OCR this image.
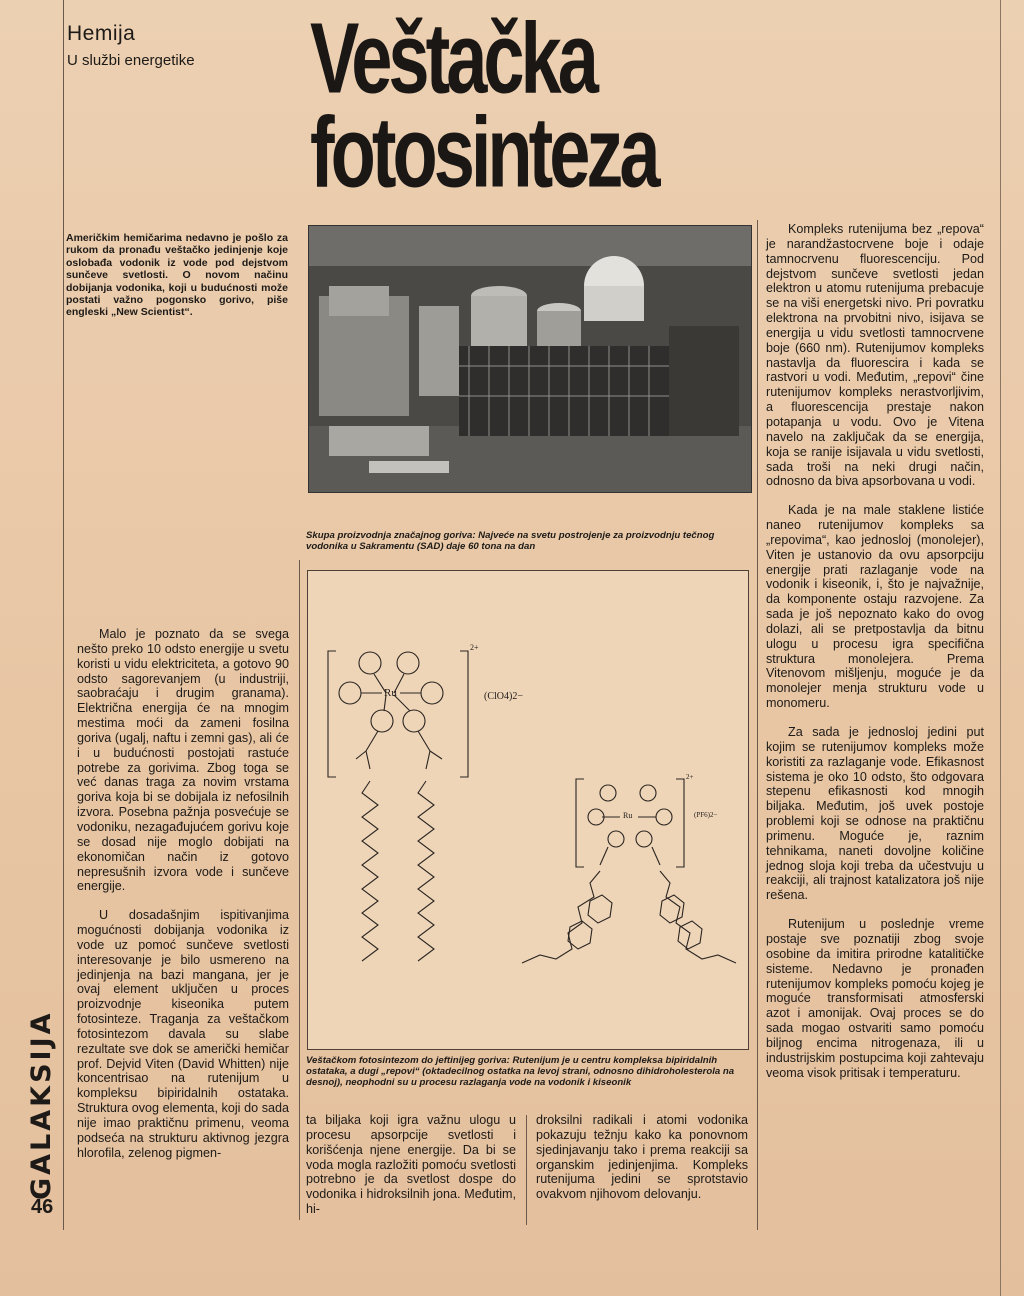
Hemija
U službi energetike Veštačka
fotosinteza
Američkim hemičarima nedavno je pošlo za rukom da pronađu veštačko jedinjenje koje oslobađa vodonik iz vode pod dejstvom sunčeve svetlosti. O novom načinu dobijanja vodonika, koji u budućnosti može postati važno pogonsko gorivo, piše engleski „New Scientist“.
Skupa proizvodnja značajnog goriva: Najveće na svetu postrojenje za proizvodnju tečnog vodonika u Sakramentu (SAD) daje 60 tona na dan
Ru
2+
(ClO4)2−
Ru
2+
(PF6)2−
Veštačkom fotosintezom do jeftinijeg goriva: Rutenijum je u centru kompleksa bipiridalnih ostataka, a dugi „repovi“ (oktadecilnog ostatka na levoj strani, odnosno dihidroholesterola na desnoj), neophodni su u procesu razlaganja vode na vodonik i kiseonik

Malo je poznato da se svega nešto preko 10 odsto energije u svetu koristi u vidu elektriciteta, a gotovo 90 odsto sagorevanjem (u industriji, saobraćaju i drugim granama). Električna energija će na mnogim mestima moći da zameni fosilna goriva (ugalj, naftu i zemni gas), ali će i u budućnosti postojati rastuće potrebe za gorivima. Zbog toga se već danas traga za novim vrstama goriva koja bi se dobijala iz nefosilnih izvora. Posebna pažnja posvećuje se vodoniku, nezagađujućem gorivu koje se dosad nije moglo dobijati na ekonomičan način iz gotovo nepresušnih izvora vode i sunčeve energije.

U dosadašnjim ispitivanjima mogućnosti dobijanja vodonika iz vode uz pomoć sunčeve svetlosti interesovanje je bilo usmereno na jedinjenja na bazi mangana, jer je ovaj element uključen u proces proizvodnje kiseonika putem fotosinteze. Traganja za veštačkom fotosintezom davala su slabe rezultate sve dok se američki hemičar prof. Dejvid Viten (David Whitten) nije koncentrisao na rutenijum u kompleksu bipiridalnih ostataka. Struktura ovog elementa, koji do sada nije imao praktičnu primenu, veoma podseća na strukturu aktivnog jezgra hlorofila, zelenog pigmen-

ta biljaka koji igra važnu ulogu u procesu apsorpcije svetlosti i korišćenja njene energije. Da bi se voda mogla razložiti pomoću svetlosti potrebno je da svetlost dospe do vodonika i hidroksilnih jona. Međutim, hi-

droksilni radikali i atomi vodonika pokazuju težnju kako ka ponovnom sjedinjavanju tako i prema reakciji sa organskim jedinjenjima. Kompleks rutenijuma jedini se sprotstavio ovakvom njihovom delovanju.

Kompleks rutenijuma bez „repova“ je narandžastocrvene boje i odaje tamnocrvenu fluorescenciju. Pod dejstvom sunčeve svetlosti jedan elektron u atomu rutenijuma prebacuje se na viši energetski nivo. Pri povratku elektrona na prvobitni nivo, isijava se energija u vidu svetlosti tamnocrvene boje (660 nm). Rutenijumov kompleks nastavlja da fluorescira i kada se rastvori u vodi. Međutim, „repovi“ čine rutenijumov kompleks nerastvorljivim, a fluorescencija prestaje nakon potapanja u vodu. Ovo je Vitena navelo na zaključak da se energija, koja se ranije isijavala u vidu svetlosti, sada troši na neki drugi način, odnosno da biva apsorbovana u vodi.

Kada je na male staklene listiće naneo rutenijumov kompleks sa „repovima“, kao jednosloj (monolejer), Viten je ustanovio da ovu apsorpciju energije prati razlaganje vode na vodonik i kiseonik, i, što je najvažnije, da komponente ostaju razvojene. Za sada je još nepoznato kako do ovog dolazi, ali se pretpostavlja da bitnu ulogu u procesu igra specifična struktura monolejera. Prema Vitenovom mišljenju, moguće je da monolejer menja strukturu vode u monomeru.

Za sada je jednosloj jedini put kojim se rutenijumov kompleks može koristiti za razlaganje vode. Efikasnost sistema je oko 10 odsto, što odgovara stepenu efikasnosti kod mnogih biljaka. Međutim, još uvek postoje problemi koji se odnose na praktičnu primenu. Moguće je, raznim tehnikama, naneti dovoljne količine jednog sloja koji treba da učestvuju u reakciji, ali trajnost katalizatora još nije rešena.

Rutenijum u poslednje vreme postaje sve poznatiji zbog svoje osobine da imitira prirodne katalitičke sisteme. Nedavno je pronađen rutenijumov kompleks pomoću kojeg je moguće transformisati atmosferski azot i amonijak. Ovaj proces se do sada mogao ostvariti samo pomoću biljnog encima nitrogenaza, ili u industrijskim postupcima koji zahtevaju veoma visok pritisak i temperaturu.

GALAKSIJA
46
